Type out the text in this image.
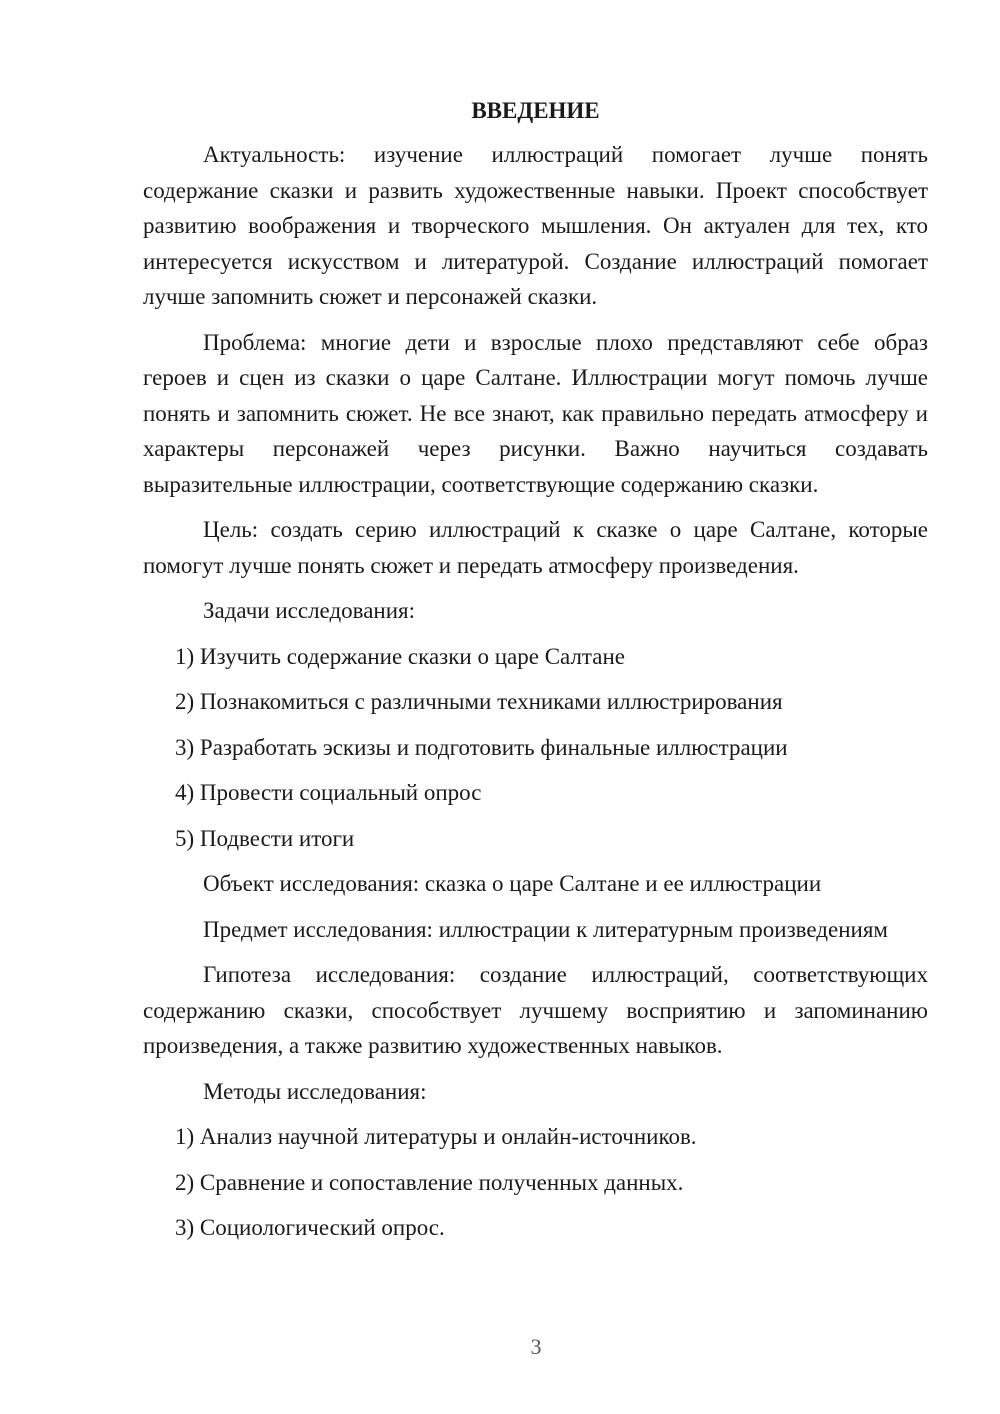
ВВЕДЕНИЕ

Актуальность: изучение иллюстраций помогает лучше понять содержание сказки и развить художественные навыки. Проект способствует развитию воображения и творческого мышления. Он актуален для тех, кто интересуется искусством и литературой. Создание иллюстраций помогает лучше запомнить сюжет и персонажей сказки.

Проблема: многие дети и взрослые плохо представляют себе образ героев и сцен из сказки о царе Салтане. Иллюстрации могут помочь лучше понять и запомнить сюжет. Не все знают, как правильно передать атмосферу и характеры персонажей через рисунки. Важно научиться создавать выразительные иллюстрации, соответствующие содержанию сказки.

Цель: создать серию иллюстраций к сказке о царе Салтане, которые помогут лучше понять сюжет и передать атмосферу произведения.

Задачи исследования:

1) Изучить содержание сказки о царе Салтане

2) Познакомиться с различными техниками иллюстрирования

3) Разработать эскизы и подготовить финальные иллюстрации

4) Провести социальный опрос

5) Подвести итоги

Объект исследования: сказка о царе Салтане и ее иллюстрации

Предмет исследования: иллюстрации к литературным произведениям

Гипотеза исследования: создание иллюстраций, соответствующих содержанию сказки, способствует лучшему восприятию и запоминанию произведения, а также развитию художественных навыков.

Методы исследования:

1) Анализ научной литературы и онлайн-источников.

2) Сравнение и сопоставление полученных данных.

3) Социологический опрос.

3
